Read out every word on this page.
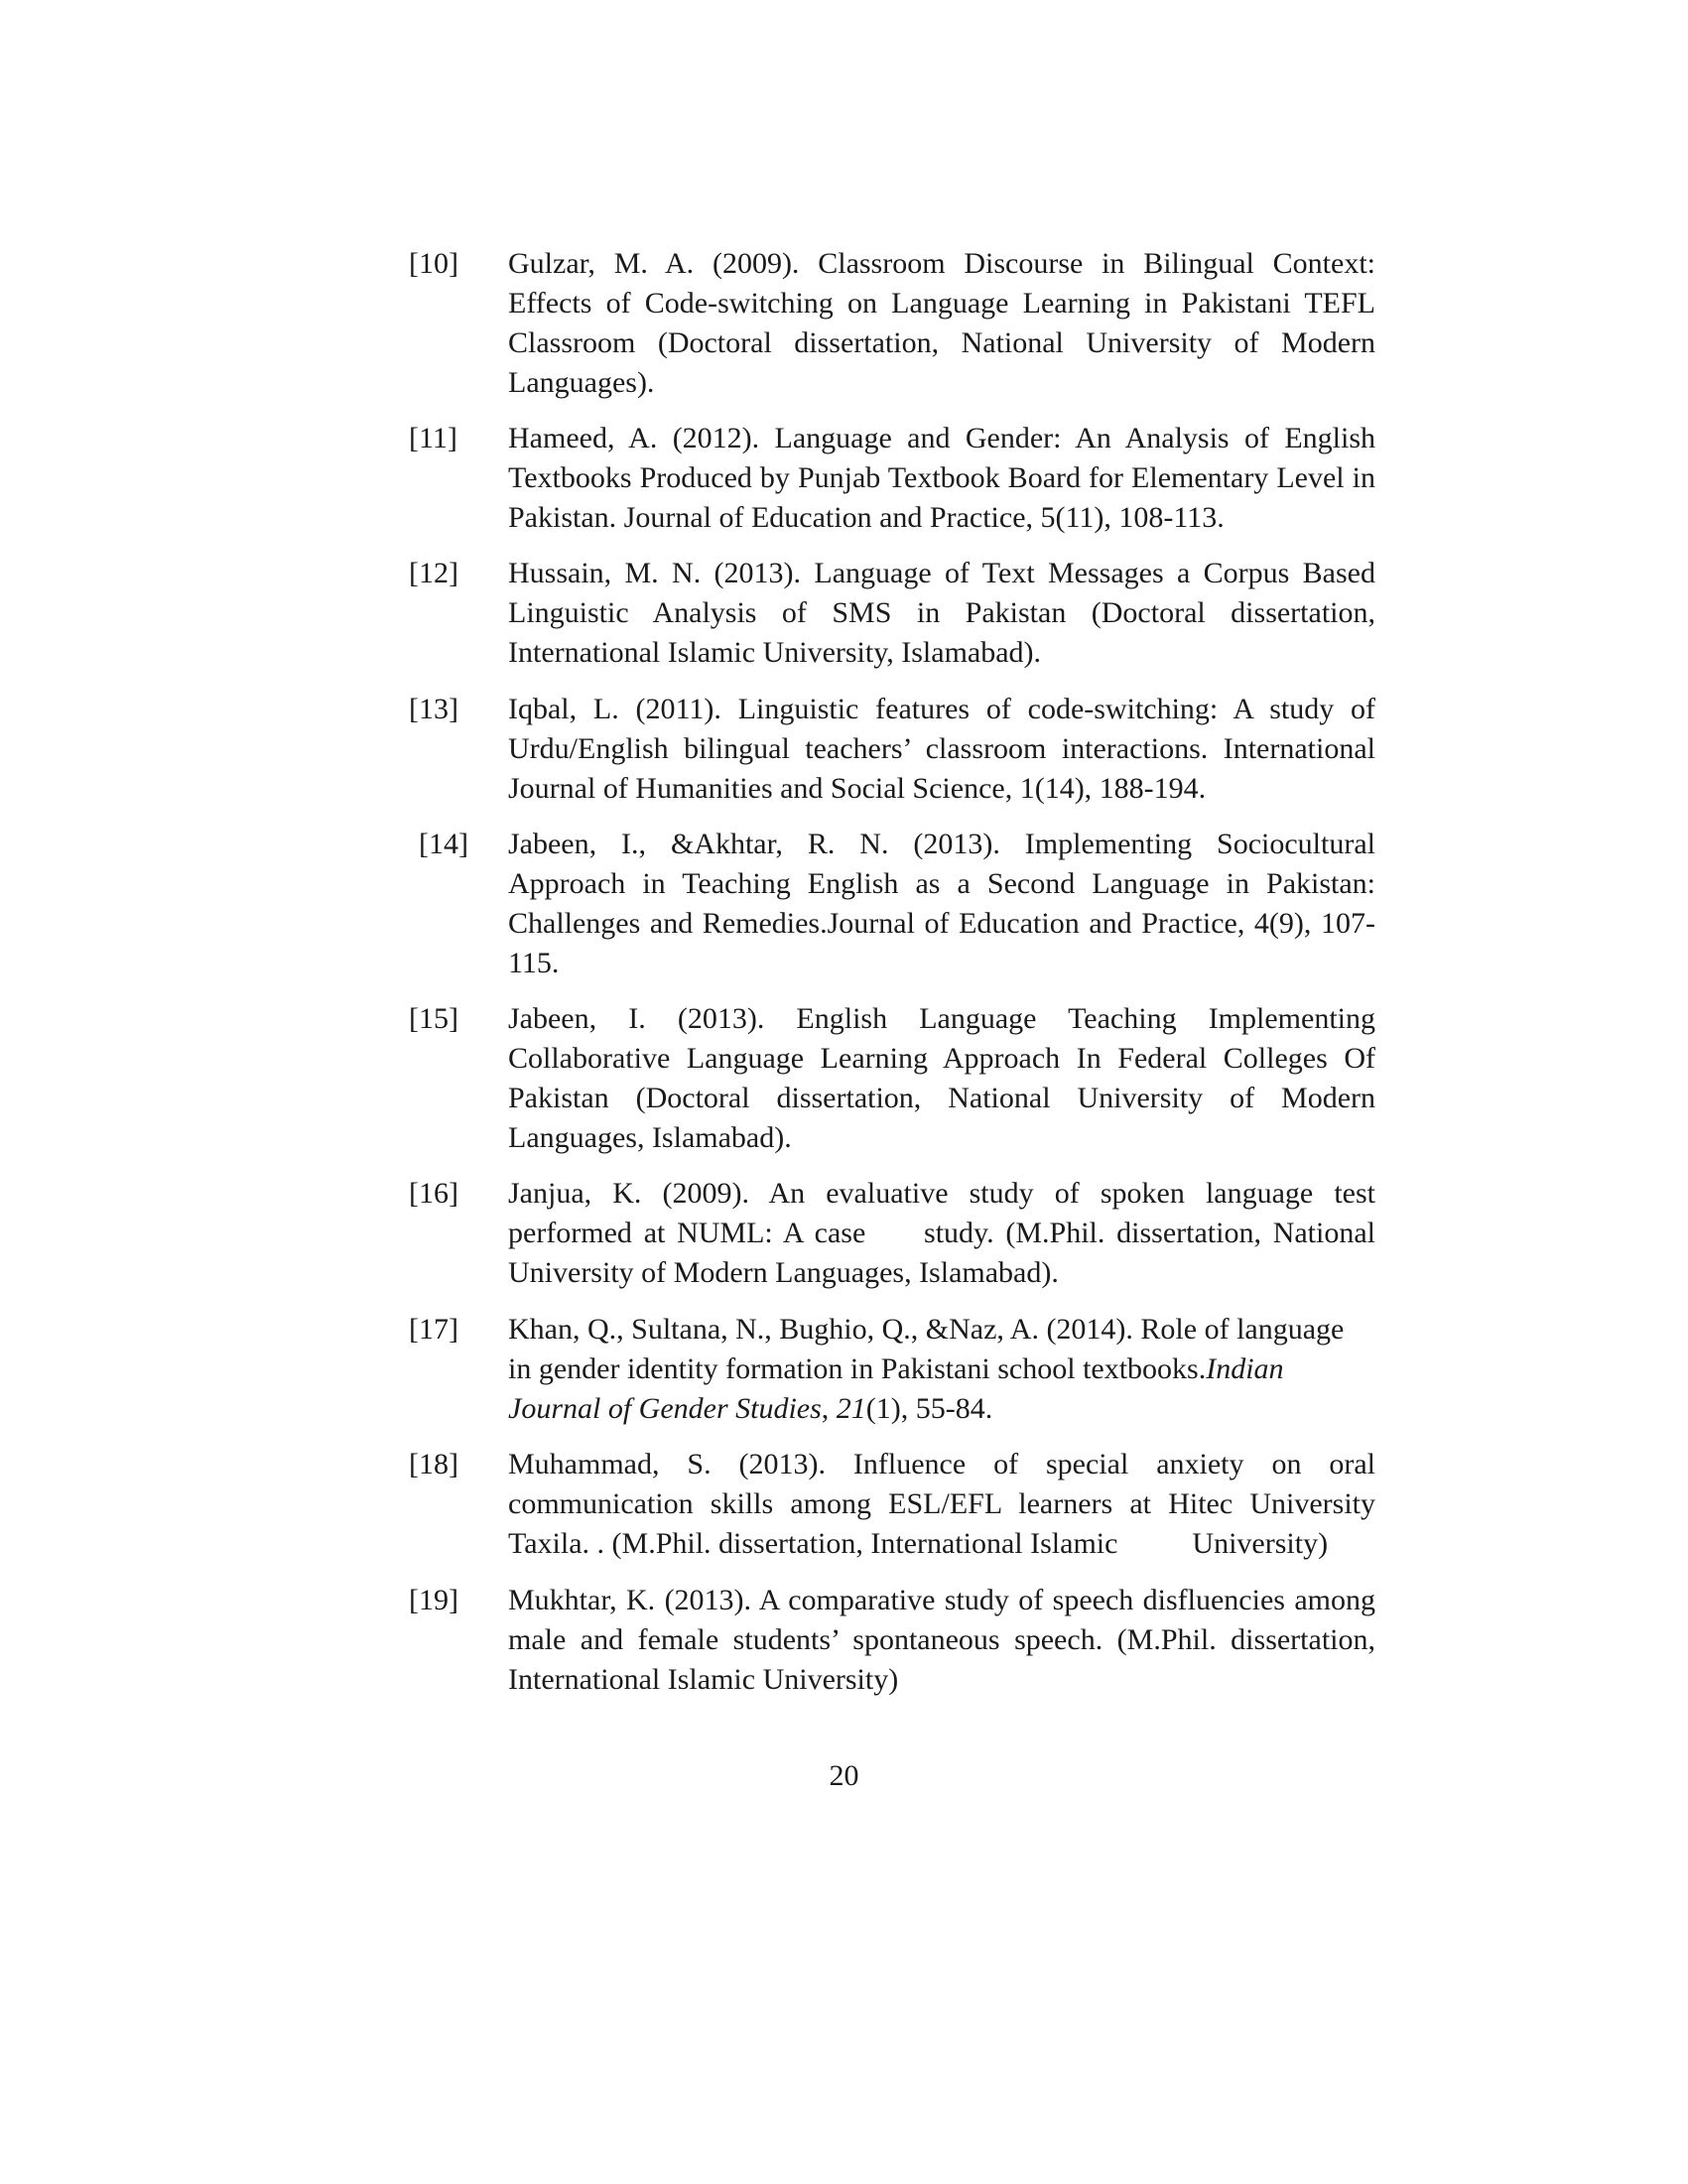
[10] Gulzar, M. A. (2009). Classroom Discourse in Bilingual Context: Effects of Code-switching on Language Learning in Pakistani TEFL Classroom (Doctoral dissertation, National University of Modern Languages).
[11] Hameed, A. (2012). Language and Gender: An Analysis of English Textbooks Produced by Punjab Textbook Board for Elementary Level in Pakistan. Journal of Education and Practice, 5(11), 108-113.
[12] Hussain, M. N. (2013). Language of Text Messages a Corpus Based Linguistic Analysis of SMS in Pakistan (Doctoral dissertation, International Islamic University, Islamabad).
[13] Iqbal, L. (2011). Linguistic features of code-switching: A study of Urdu/English bilingual teachers’ classroom interactions. International Journal of Humanities and Social Science, 1(14), 188-194.
[14] Jabeen, I., &Akhtar, R. N. (2013). Implementing Sociocultural Approach in Teaching English as a Second Language in Pakistan: Challenges and Remedies.Journal of Education and Practice, 4(9), 107-115.
[15] Jabeen, I. (2013). English Language Teaching Implementing Collaborative Language Learning Approach In Federal Colleges Of Pakistan (Doctoral dissertation, National University of Modern Languages, Islamabad).
[16] Janjua, K. (2009). An evaluative study of spoken language test performed at NUML: A case     study. (M.Phil. dissertation, National University of Modern Languages, Islamabad).
[17] Khan, Q., Sultana, N., Bughio, Q., &Naz, A. (2014). Role of language in gender identity formation in Pakistani school textbooks.Indian Journal of Gender Studies, 21(1), 55-84.
[18] Muhammad, S. (2013). Influence of special anxiety on oral communication skills among ESL/EFL learners at Hitec University Taxila. . (M.Phil. dissertation, International Islamic          University)
[19] Mukhtar, K. (2013). A comparative study of speech disfluencies among male and female students’ spontaneous speech. (M.Phil. dissertation, International Islamic University)
20
